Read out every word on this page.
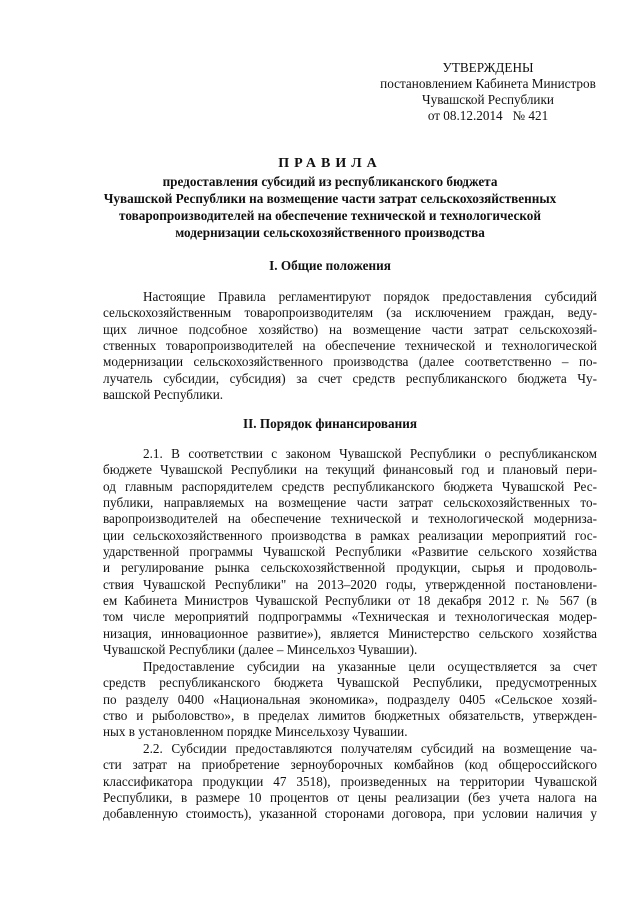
УТВЕРЖДЕНЫ
постановлением Кабинета Министров
Чувашской Республики
от 08.12.2014   № 421
ПРАВИЛА
предоставления субсидий из республиканского бюджета
Чувашской Республики на возмещение части затрат сельскохозяйственных
товаропроизводителей на обеспечение технической и технологической
модернизации сельскохозяйственного производства
I. Общие положения
Настоящие Правила регламентируют порядок предоставления субсидий
сельскохозяйственным товаропроизводителям (за исключением граждан, веду-
щих личное подсобное хозяйство) на возмещение части затрат сельскохозяй-
ственных товаропроизводителей на обеспечение технической и технологической
модернизации сельскохозяйственного производства (далее соответственно – по-
лучатель субсидии, субсидия) за счет средств республиканского бюджета Чу-
вашской Республики.
II. Порядок финансирования
2.1. В соответствии с законом Чувашской Республики о республиканском
бюджете Чувашской Республики на текущий финансовый год и плановый пери-
од главным распорядителем средств республиканского бюджета Чувашской Рес-
публики, направляемых на возмещение части затрат сельскохозяйственных то-
варопроизводителей на обеспечение технической и технологической модерниза-
ции сельскохозяйственного производства в рамках реализации мероприятий гос-
ударственной программы Чувашской Республики «Развитие сельского хозяйства
и регулирование рынка сельскохозяйственной продукции, сырья и продоволь-
ствия Чувашской Республики" на 2013–2020 годы, утвержденной постановлени-
ем Кабинета Министров Чувашской Республики от 18 декабря 2012 г. № 567 (в
том числе мероприятий подпрограммы «Техническая и технологическая модер-
низация, инновационное развитие»), является Министерство сельского хозяйства
Чувашской Республики (далее – Минсельхоз Чувашии).
Предоставление субсидии на указанные цели осуществляется за счет
средств республиканского бюджета Чувашской Республики, предусмотренных
по разделу 0400 «Национальная экономика», подразделу 0405 «Сельское хозяй-
ство и рыболовство», в пределах лимитов бюджетных обязательств, утвержден-
ных в установленном порядке Минсельхозу Чувашии.
2.2. Субсидии предоставляются получателям субсидий на возмещение ча-
сти затрат на приобретение зерноуборочных комбайнов (код общероссийского
классификатора продукции 47 3518), произведенных на территории Чувашской
Республики, в размере 10 процентов от цены реализации (без учета налога на
добавленную стоимость), указанной сторонами договора, при условии наличия у
